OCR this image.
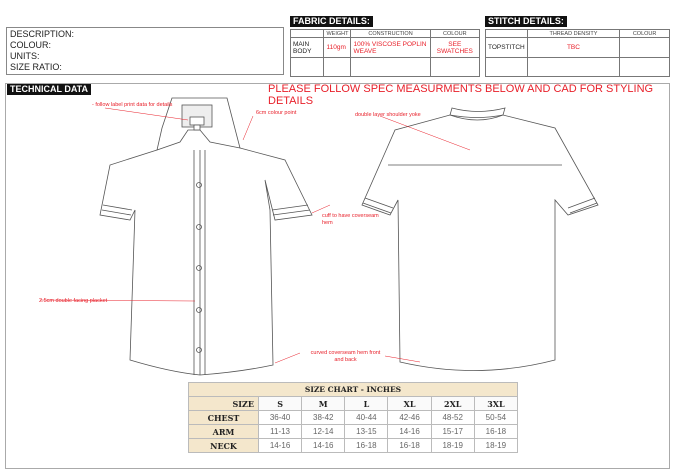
DESCRIPTION:
COLOUR:
UNITS:
SIZE RATIO:
FABRIC DETAILS:
	WEIGHT	CONSTRUCTION	COLOUR
MAIN BODY	110gm	100% VISCOSE POPLIN WEAVE	SEE SWATCHES

STITCH DETAILS:
	THREAD DENSITY	COLOUR
TOPSTITCH	TBC	

TECHNICAL DATA	PLEASE FOLLOW SPEC MEASURMENTS BELOW AND CAD FOR STYLING DETAILS
- follow label print data for details
6cm colour point	double layer shoulder yoke
cuff to have coverseam hem
2.5cm double facing placket
curved coverseam hem front and back
SIZE CHART - INCHES						
SIZE	S	M	L	XL	2XL	3XL
CHEST	36-40	38-42	40-44	42-46	48-52	50-54
ARM	11-13	12-14	13-15	14-16	15-17	16-18
NECK	14-16	14-16	16-18	16-18	18-19	18-19
